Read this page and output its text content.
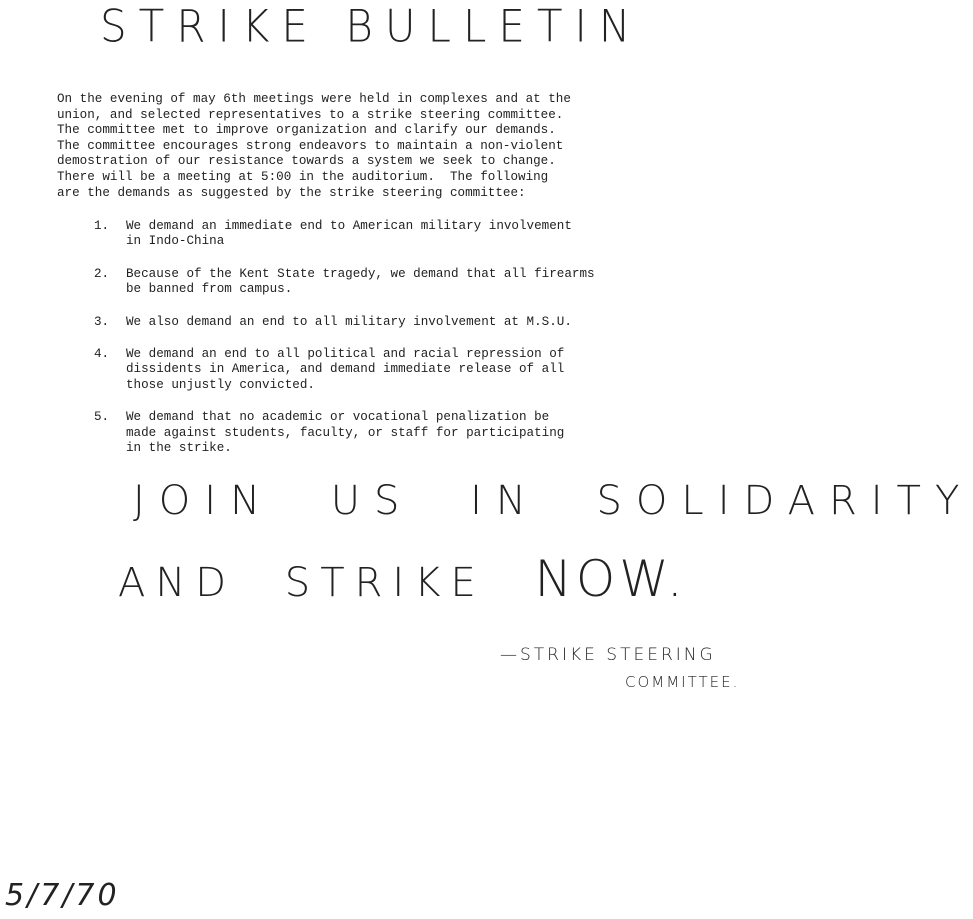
STRIKE BULLETIN
On the evening of may 6th meetings were held in complexes and at the
union, and selected representatives to a strike steering committee.
The committee met to improve organization and clarify our demands.
The committee encourages strong endeavors to maintain a non-violent
demostration of our resistance towards a system we seek to change.
There will be a meeting at 5:00 in the auditorium.  The following
are the demands as suggested by the strike steering committee:
1.	We demand an immediate end to American military involvement
in Indo-China
2.	Because of the Kent State tragedy, we demand that all firearms
be banned from campus.
3.	We also demand an end to all military involvement at M.S.U.
4.	We demand an end to all political and racial repression of
dissidents in America, and demand immediate release of all
those unjustly convicted.
5.	We demand that no academic or vocational penalization be
made against students, faculty, or staff for participating
in the strike.
JOIN US IN SOLIDARITY
AND STRIKE NOW.
—STRIKE STEERING
COMMITTEE.
5/7/70
